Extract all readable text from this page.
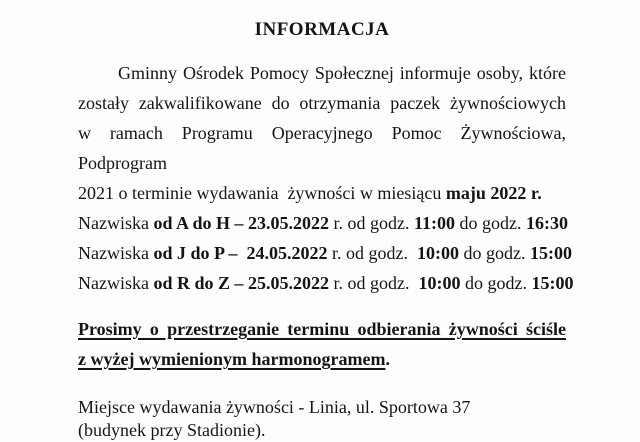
INFORMACJA
Gminny Ośrodek Pomocy Społecznej informuje osoby, które
zostały zakwalifikowane do otrzymania paczek żywnościowych
w ramach Programu Operacyjnego Pomoc Żywnościowa, Podprogram
2021 o terminie wydawania  żywności w miesiącu maju 2022 r.
Nazwiska od A do H – 23.05.2022 r. od godz. 11:00 do godz. 16:30
Nazwiska od J do P –  24.05.2022 r. od godz.  10:00 do godz. 15:00
Nazwiska od R do Z – 25.05.2022 r. od godz.  10:00 do godz. 15:00
Prosimy o przestrzeganie terminu odbierania żywności ściśle
z wyżej wymienionym harmonogramem.
Miejsce wydawania żywności - Linia, ul. Sportowa 37
(budynek przy Stadionie).
